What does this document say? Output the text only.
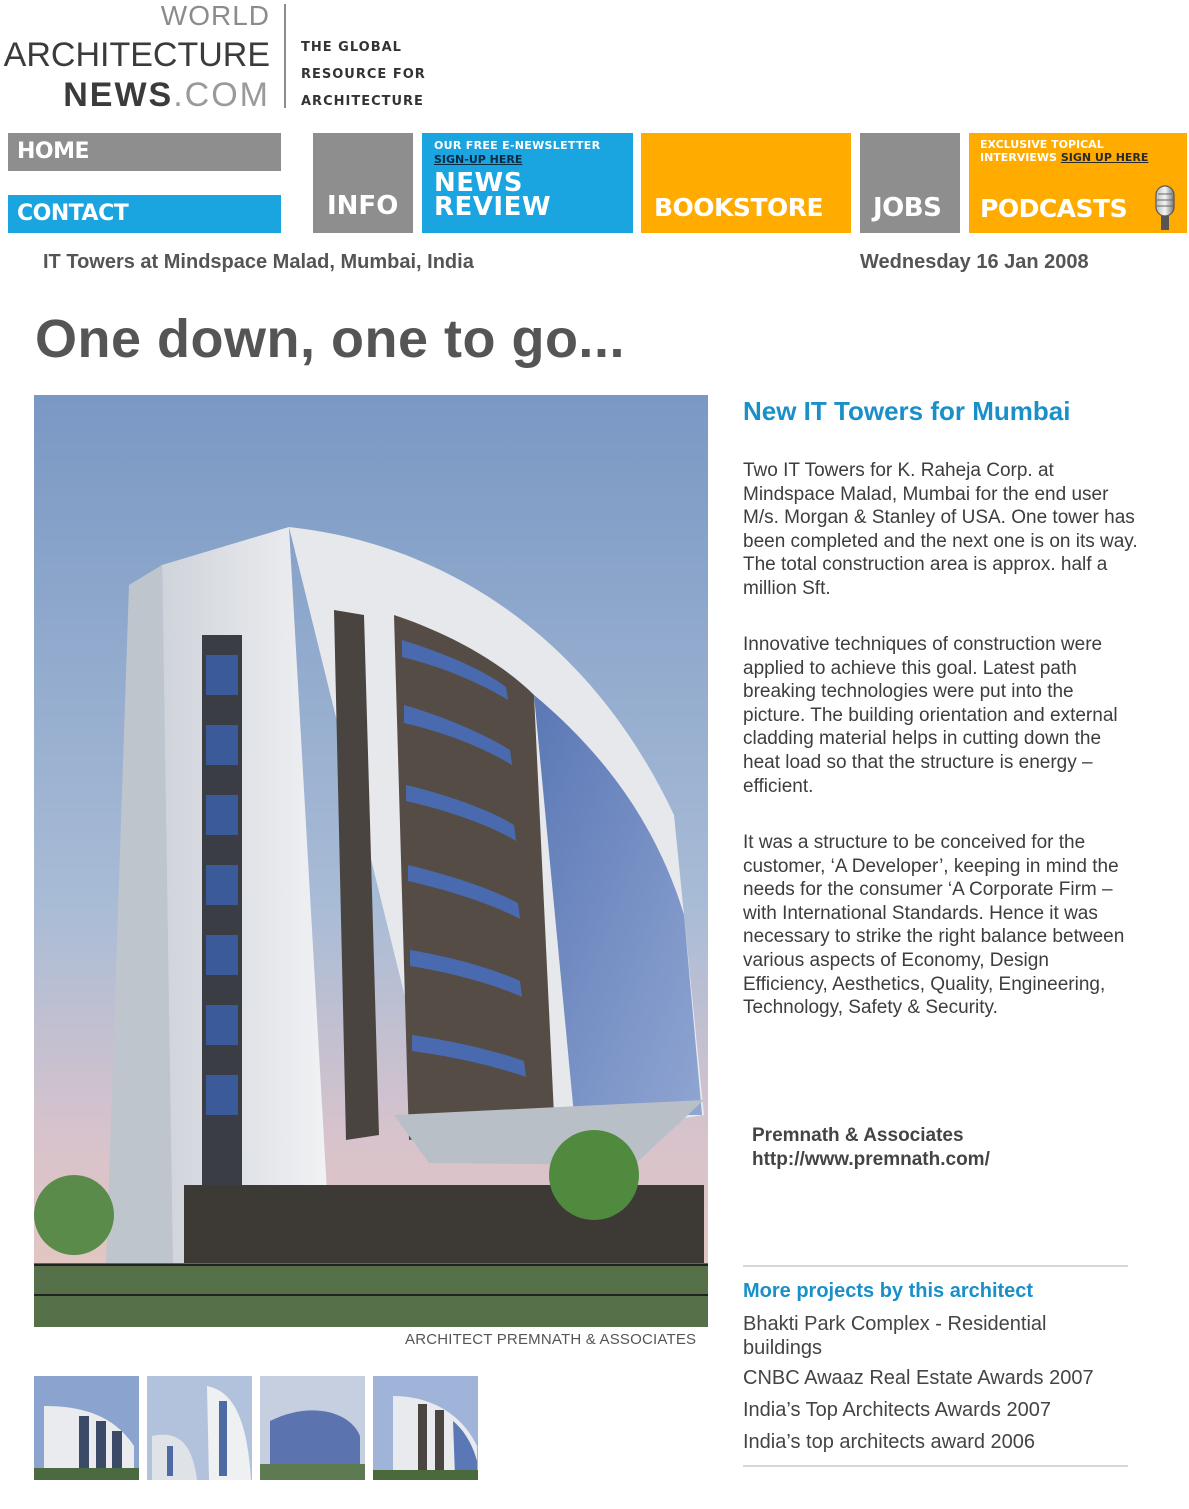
WORLD
ARCHITECTURE
NEWS.COM
THE GLOBAL
RESOURCE FOR
ARCHITECTURE
HOME
CONTACT	INFO
OUR FREE E-NEWSLETTER
SIGN-UP HERE
NEWS
REVIEW	BOOKSTORE	JOBS
EXCLUSIVE TOPICAL
INTERVIEWS SIGN UP HERE
PODCASTS
IT Towers at Mindspace Malad, Mumbai, India	Wednesday 16 Jan 2008
One down, one to go...
ARCHITECT PREMNATH & ASSOCIATES
New IT Towers for Mumbai

Two IT Towers for K. Raheja Corp. at Mindspace Malad, Mumbai for the end user M/s. Morgan & Stanley of USA. One tower has been completed and the next one is on its way. The total construction area is approx. half a million Sft.

Innovative techniques of construction were applied to achieve this goal. Latest path breaking technologies were put into the picture. The building orientation and external cladding material helps in cutting down the heat load so that the structure is energy – efficient.

It was a structure to be conceived for the customer, ‘A Developer’, keeping in mind the needs for the consumer ‘A Corporate Firm – with International Standards. Hence it was necessary to strike the right balance between various aspects of Economy, Design Efficiency, Aesthetics, Quality, Engineering, Technology, Safety & Security.

Premnath & Associates
http://www.premnath.com/
More projects by this architect
Bhakti Park Complex - Residential buildings
CNBC Awaaz Real Estate Awards 2007
India’s Top Architects Awards 2007
India’s top architects award 2006
